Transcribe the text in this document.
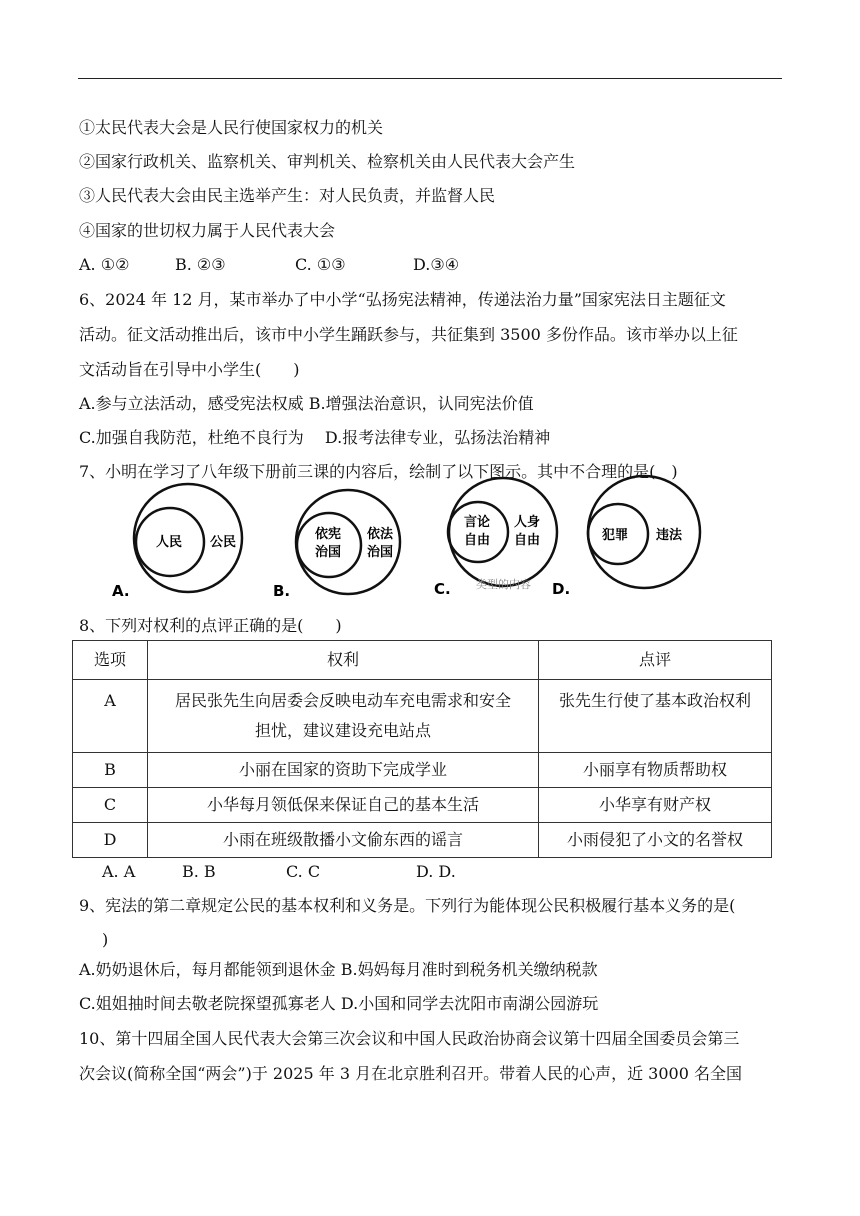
①太民代表大会是人民行使国家权力的机关
②国家行政机关、监察机关、审判机关、检察机关由人民代表大会产生
③人民代表大会由民主选举产生：对人民负责，并监督人民
④国家的世切权力属于人民代表大会
A. ①②	B. ②③	C. ①③	D.③④
6、2024 年 12 月，某市举办了中小学“弘扬宪法精神，传递法治力量”国家宪法日主题征文
活动。征文活动推出后，该市中小学生踊跃参与，共征集到 3500 多份作品。该市举办以上征
文活动旨在引导中小学生(　　)
A.参与立法活动，感受宪法权威 B.增强法治意识，认同宪法价值
C.加强自我防范，杜绝不良行为　 D.报考法律专业，弘扬法治精神
7、小明在学习了八年级下册前三课的内容后，绘制了以下图示。其中不合理的是(　)
人民 公民
A.
依宪
治国
依法
治国
B.
言论
自由
人身
自由
类型的内容
C.
犯罪 违法
D.
8、下列对权利的点评正确的是(　　)
选项	权利	点评
A	居民张先生向居委会反映电动车充电需求和安全
担忧，建议建设充电站点	张先生行使了基本政治权利
B	小丽在国家的资助下完成学业	小丽享有物质帮助权
C	小华每月领低保来保证自己的基本生活	小华享有财产权
D	小雨在班级散播小文偷东西的谣言	小雨侵犯了小文的名誉权
A. A	B. B	C. C	D. D.
9、宪法的第二章规定公民的基本权利和义务是。下列行为能体现公民积极履行基本义务的是(
)
A.奶奶退休后，每月都能领到退休金 B.妈妈每月准时到税务机关缴纳税款
C.姐姐抽时间去敬老院探望孤寡老人 D.小国和同学去沈阳市南湖公园游玩
10、第十四届全国人民代表大会第三次会议和中国人民政治协商会议第十四届全国委员会第三
次会议(简称全国“两会”)于 2025 年 3 月在北京胜利召开。带着人民的心声，近 3000 名全国
